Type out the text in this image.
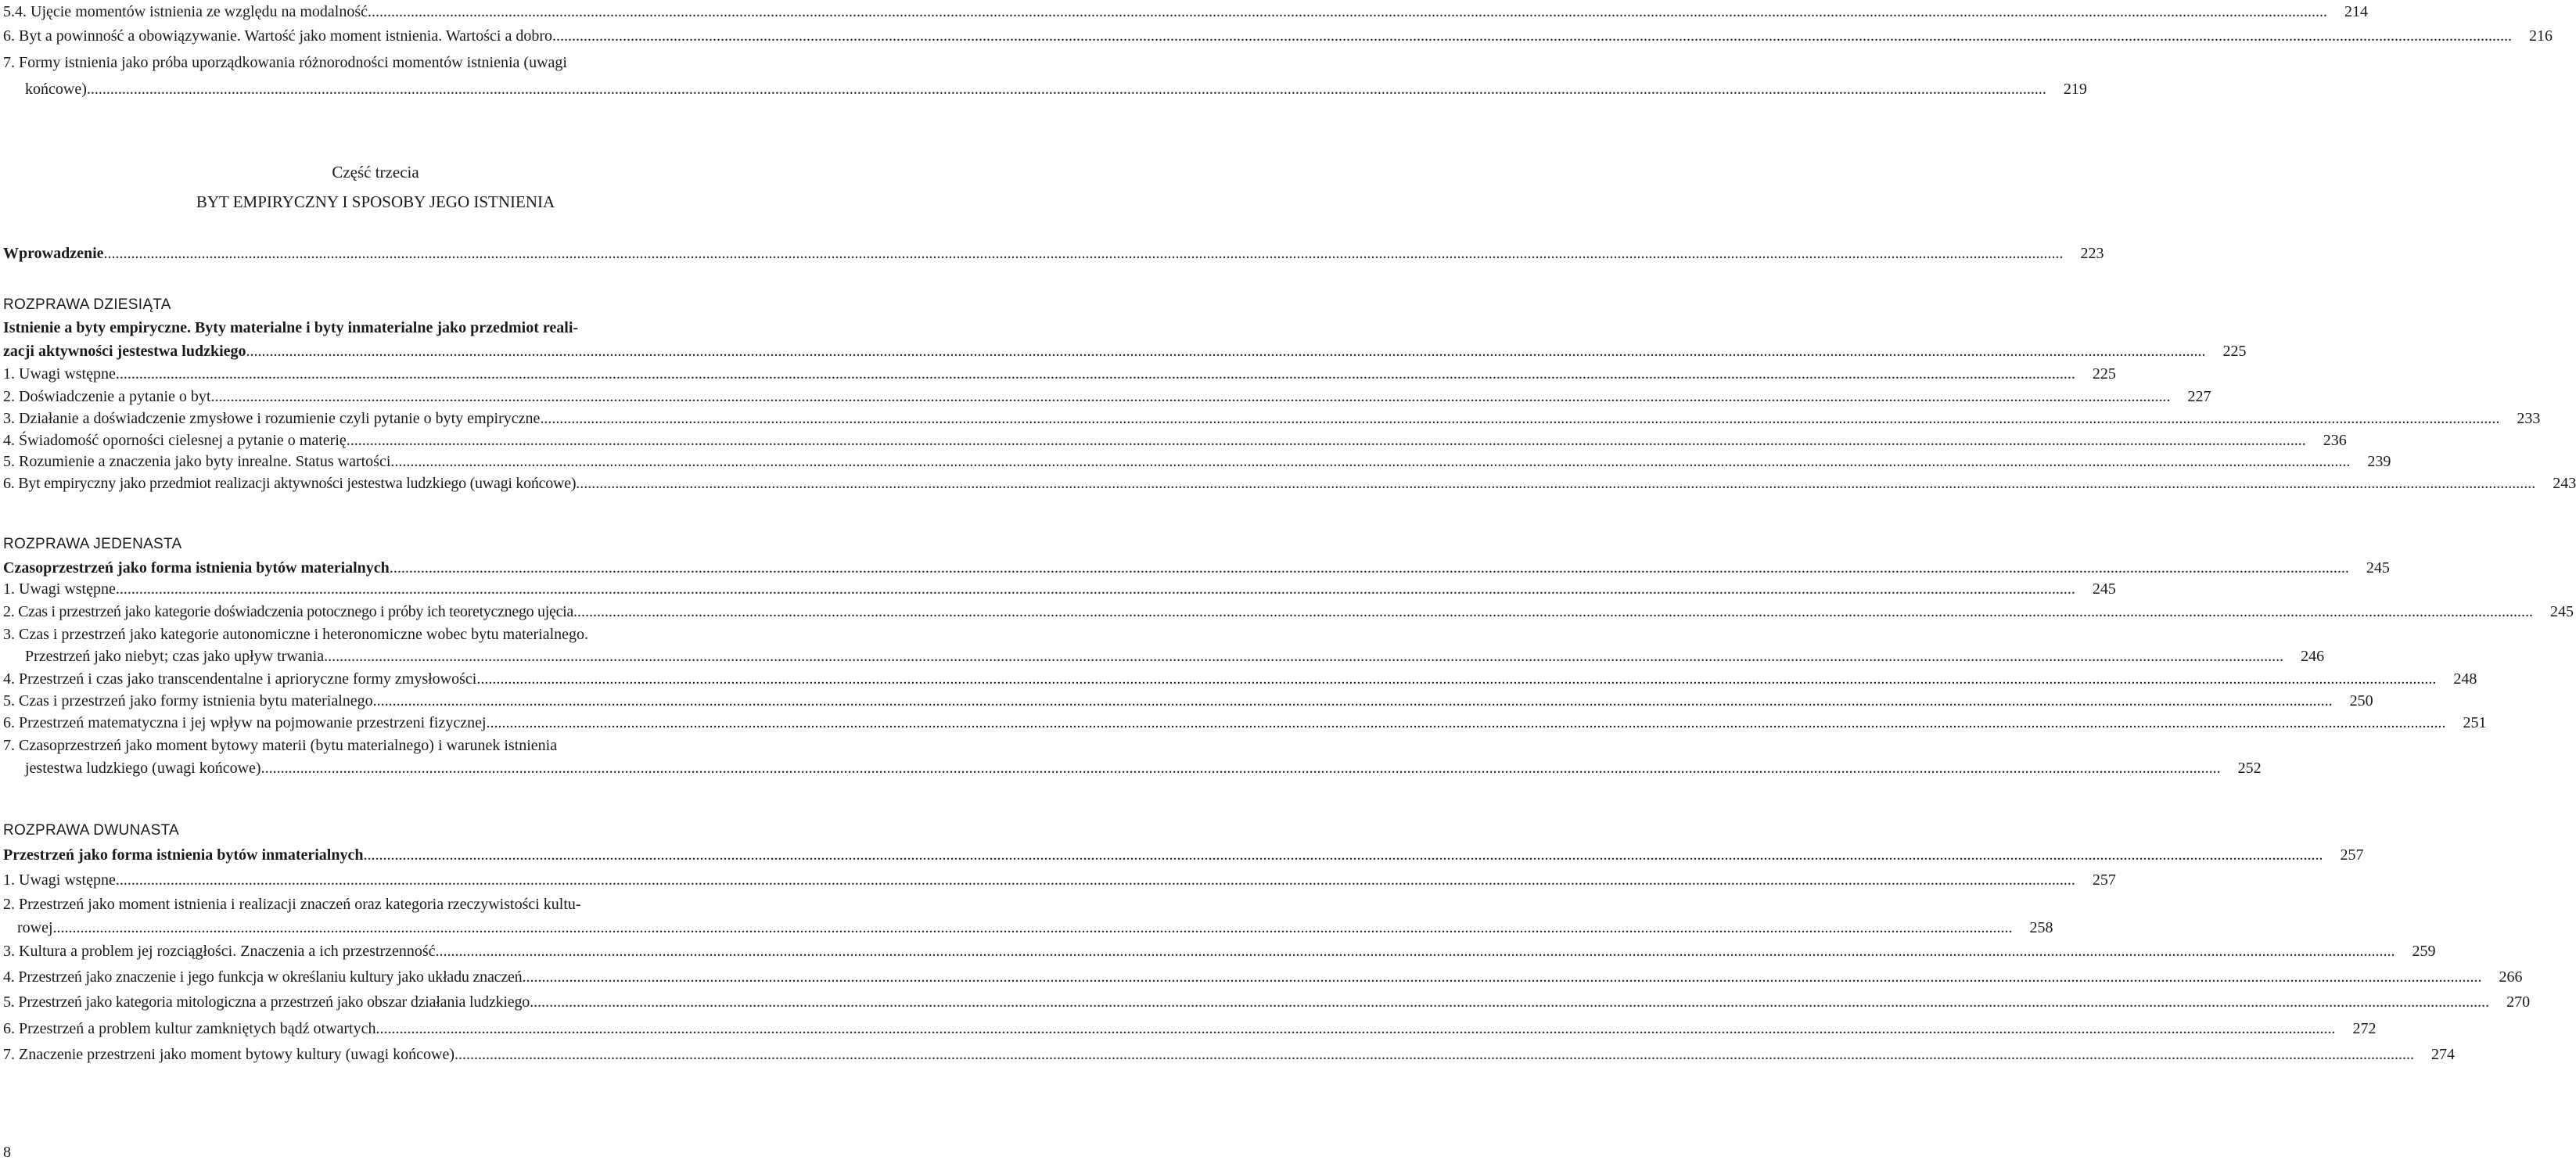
5.4. Ujęcie momentów istnienia ze względu na modalność .....	214
6. Byt a powinność a obowiązywanie. Wartość jako moment istnienia. Wartości a dobro .....	216
7. Formy istnienia jako próba uporządkowania różnorodności momentów istnienia (uwagi
końcowe) .....	219
Część trzecia
BYT EMPIRYCZNY I SPOSOBY JEGO ISTNIENIA
Wprowadzenie .....	223
ROZPRAWA DZIESIĄTA
Istnienie a byty empiryczne. Byty materialne i byty inmaterialne jako przedmiot reali-
zacji aktywności jestestwa ludzkiego .....	225
1. Uwagi wstępne .....	225
2. Doświadczenie a pytanie o byt .....	227
3. Działanie a doświadczenie zmysłowe i rozumienie czyli pytanie o byty empiryczne .....	233
4. Świadomość oporności cielesnej a pytanie o materię .....	236
5. Rozumienie a znaczenia jako byty inrealne. Status wartości .....	239
6. Byt empiryczny jako przedmiot realizacji aktywności jestestwa ludzkiego (uwagi końcowe) .....	243
ROZPRAWA JEDENASTA
Czasoprzestrzeń jako forma istnienia bytów materialnych .....	245
1. Uwagi wstępne .....	245
2. Czas i przestrzeń jako kategorie doświadczenia potocznego i próby ich teoretycznego ujęcia .....	245
3. Czas i przestrzeń jako kategorie autonomiczne i heteronomiczne wobec bytu materialnego.
Przestrzeń jako niebyt; czas jako upływ trwania .....	246
4. Przestrzeń i czas jako transcendentalne i aprioryczne formy zmysłowości .....	248
5. Czas i przestrzeń jako formy istnienia bytu materialnego .....	250
6. Przestrzeń matematyczna i jej wpływ na pojmowanie przestrzeni fizycznej .....	251
7. Czasoprzestrzeń jako moment bytowy materii (bytu materialnego) i warunek istnienia
jestestwa ludzkiego (uwagi końcowe) .....	252
ROZPRAWA DWUNASTA
Przestrzeń jako forma istnienia bytów inmaterialnych .....	257
1. Uwagi wstępne .....	257
2. Przestrzeń jako moment istnienia i realizacji znaczeń oraz kategoria rzeczywistości kultu-
rowej .....	258
3. Kultura a problem jej rozciągłości. Znaczenia a ich przestrzenność .....	259
4. Przestrzeń jako znaczenie i jego funkcja w określaniu kultury jako układu znaczeń .....	266
5. Przestrzeń jako kategoria mitologiczna a przestrzeń jako obszar działania ludzkiego .....	270
6. Przestrzeń a problem kultur zamkniętych bądź otwartych .....	272
7. Znaczenie przestrzeni jako moment bytowy kultury (uwagi końcowe) .....	274
8
